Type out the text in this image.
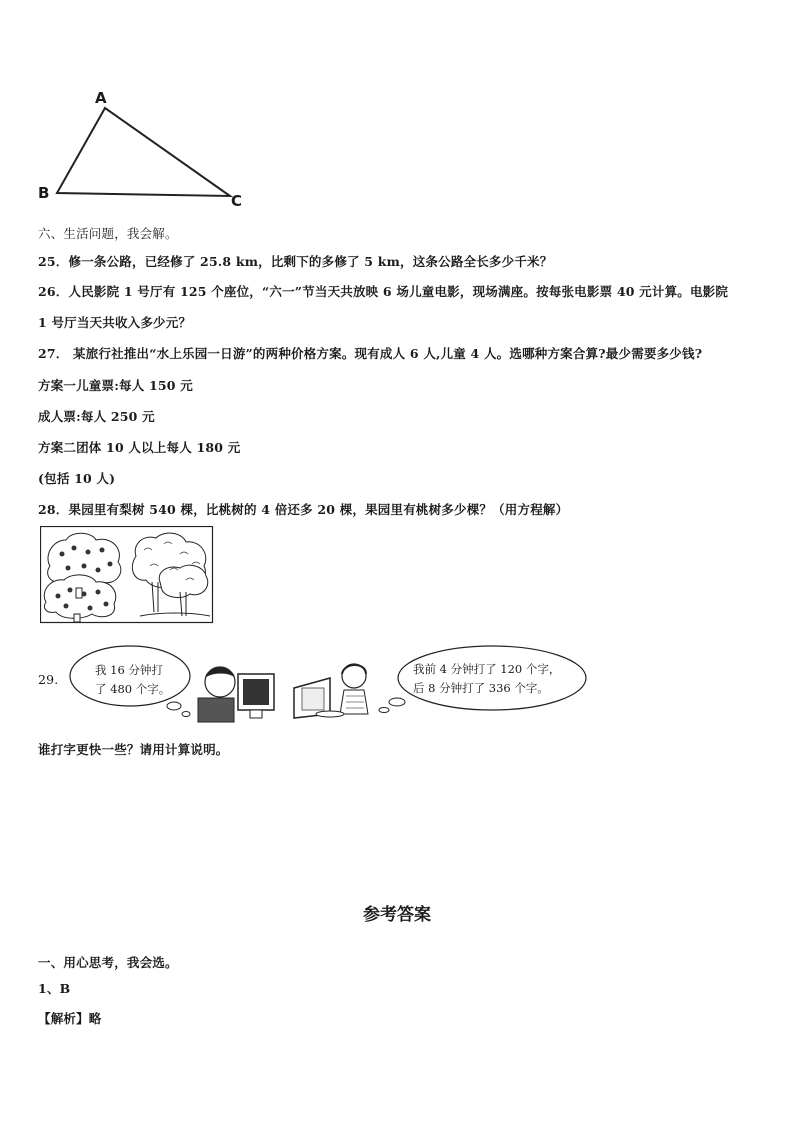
A
B	C
六、生活问题，我会解。
25．修一条公路，已经修了 25.8 km，比剩下的多修了 5 km，这条公路全长多少千米？
26．人民影院 1 号厅有 125 个座位，“六一”节当天共放映 6 场儿童电影，现场满座。按每张电影票 40 元计算。电影院
1 号厅当天共收入多少元？
27． 某旅行社推出“水上乐园一日游”的两种价格方案。现有成人 6 人,儿童 4 人。选哪种方案合算?最少需要多少钱?
方案一儿童票:每人 150 元
成人票:每人 250 元
方案二团体 10 人以上每人 180 元
(包括 10 人)
28．果园里有梨树 540 棵，比桃树的 4 倍还多 20 棵，果园里有桃树多少棵？（用方程解）
29.
我 16 分钟打
了 480 个字。
我前 4 分钟打了 120 个字，
后 8 分钟打了 336 个字。
谁打字更快一些？请用计算说明。
参考答案
一、用心思考，我会选。
1、B
【解析】略
